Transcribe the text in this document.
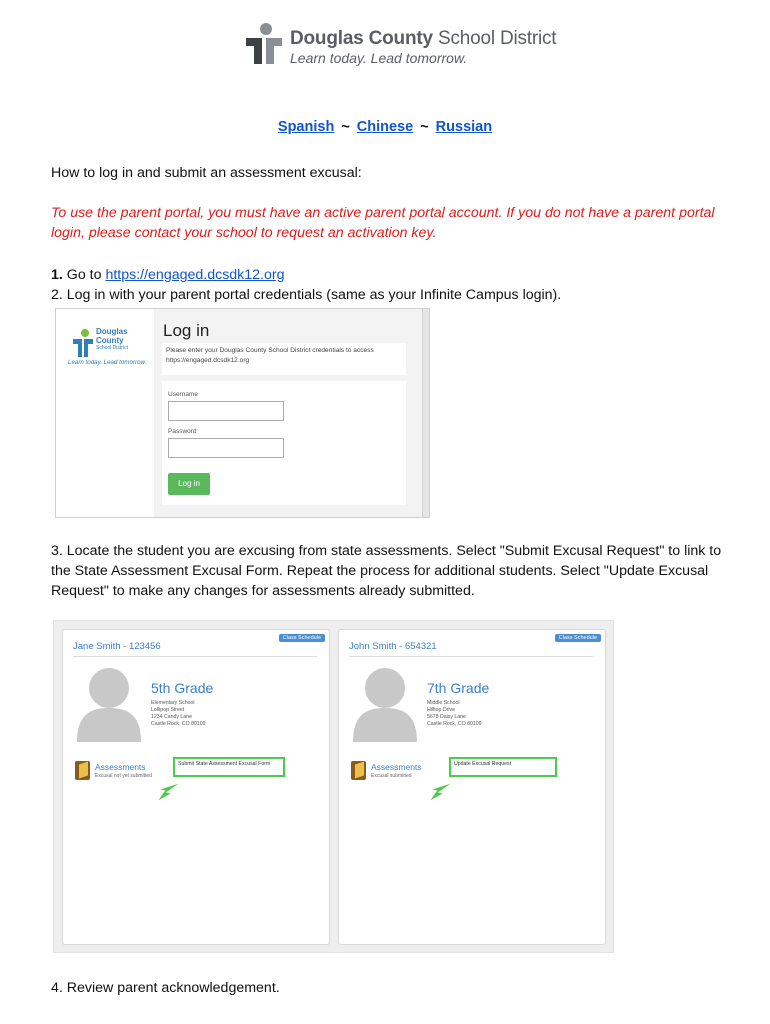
Douglas County School District
Learn today. Lead tomorrow.
Spanish ~ Chinese ~ Russian
How to log in and submit an assessment excusal:
To use the parent portal, you must have an active parent portal account. If you do not have a parent portal login, please contact your school to request an activation key.
1. Go to https://engaged.dcsdk12.org
2. Log in with your parent portal credentials (same as your Infinite Campus login).
Douglas
County
School District
Learn today. Lead tomorrow.
Log in
Please enter your Douglas County School District credentials to access https://engaged.dcsdk12.org
Username
Password
Log in
3. Locate the student you are excusing from state assessments. Select "Submit Excusal Request" to link to the State Assessment Excusal Form. Repeat the process for additional students. Select "Update Excusal Request" to make any changes for assessments already submitted.
Class Schedule
Jane Smith - 123456
5th Grade
Elementary School
Lollipop Street
1234 Candy Lane
Castle Rock, CO 80109
Assessments
Excusal not yet submitted
Submit State Assessment Excusal Form
Class Schedule
John Smith - 654321
7th Grade
Middle School
Hilltop Drive
5678 Daisy Lane
Castle Rock, CO 80109
Assessments
Excusal submitted
Update Excusal Request
4. Review parent acknowledgement.
